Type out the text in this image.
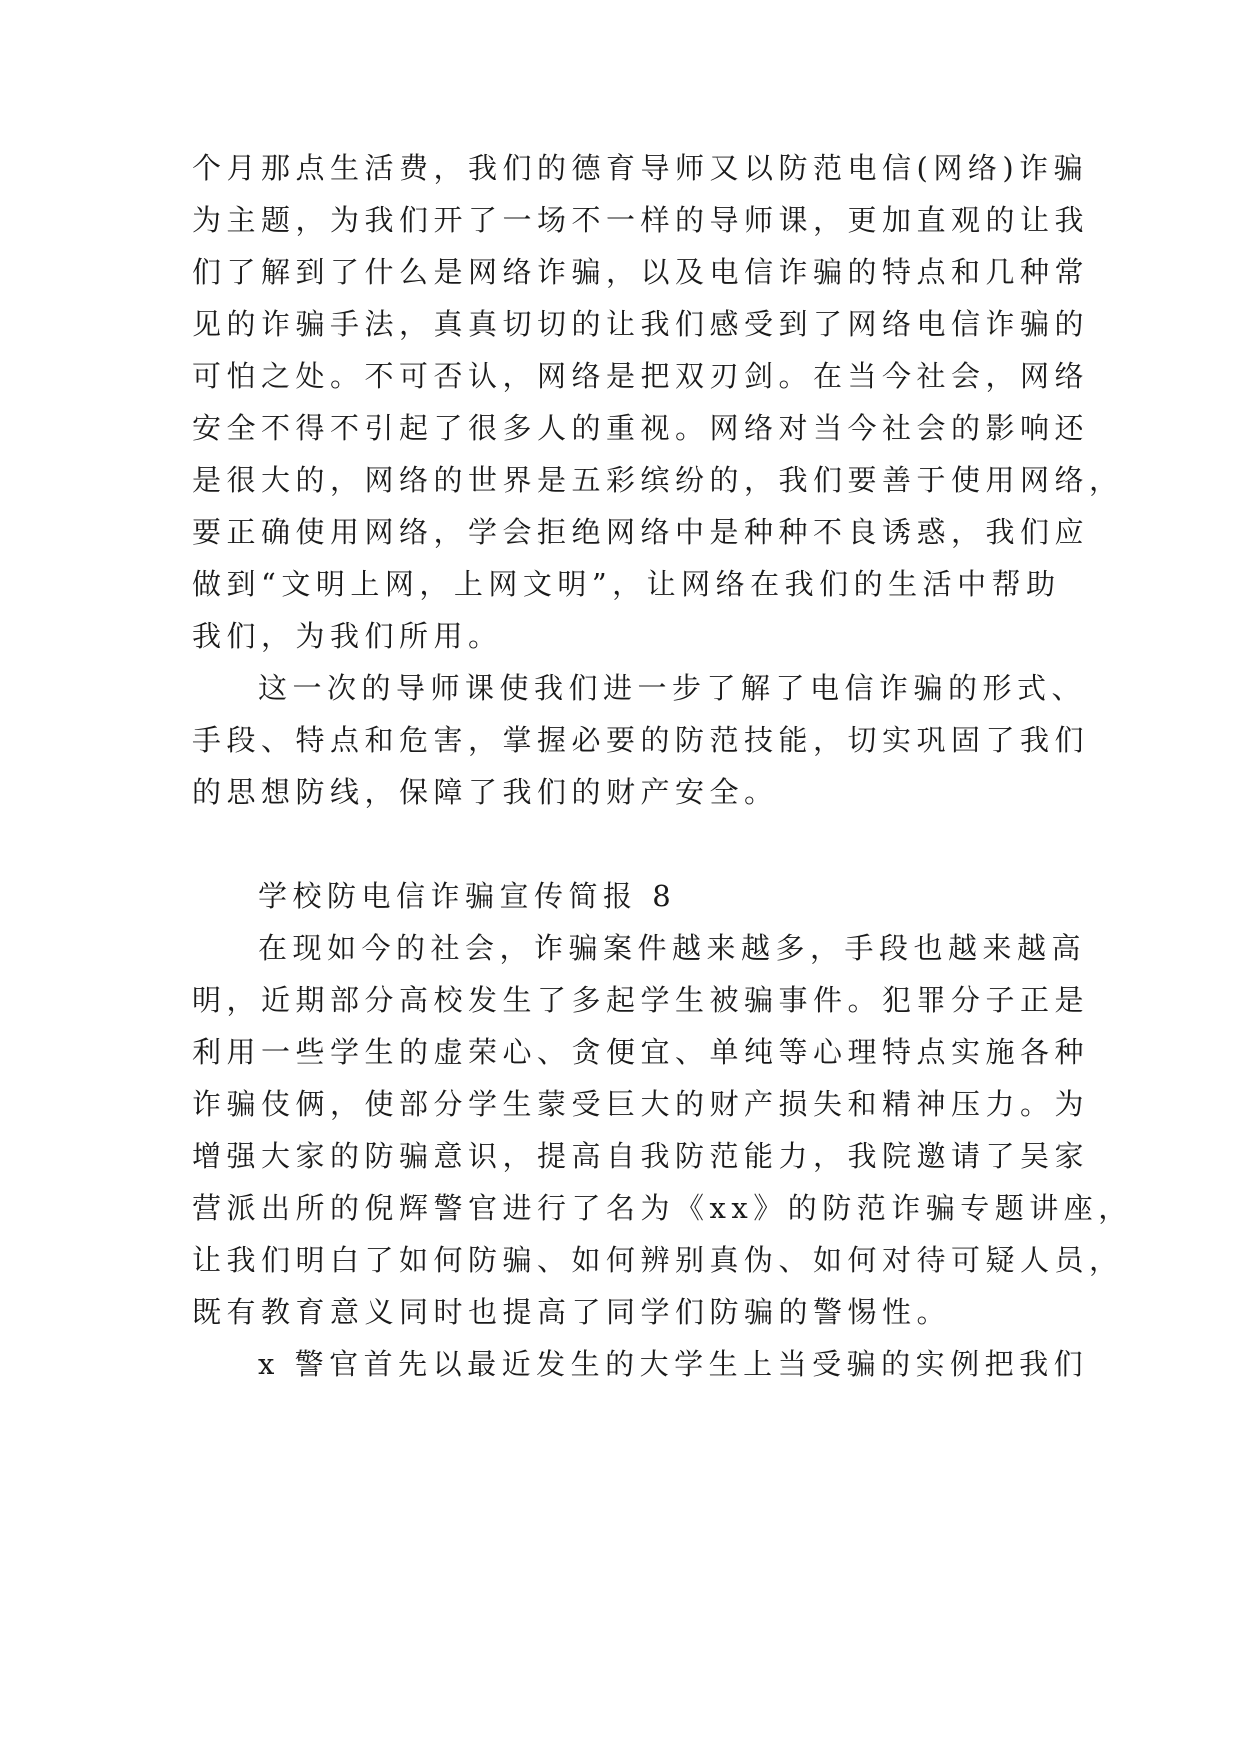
个月那点生活费，我们的德育导师又以防范电信(网络)诈骗
为主题，为我们开了一场不一样的导师课，更加直观的让我
们了解到了什么是网络诈骗，以及电信诈骗的特点和几种常
见的诈骗手法，真真切切的让我们感受到了网络电信诈骗的
可怕之处。不可否认，网络是把双刃剑。在当今社会，网络
安全不得不引起了很多人的重视。网络对当今社会的影响还
是很大的，网络的世界是五彩缤纷的，我们要善于使用网络，
要正确使用网络，学会拒绝网络中是种种不良诱惑，我们应
做到“文明上网，上网文明”，让网络在我们的生活中帮助
我们，为我们所用。
这一次的导师课使我们进一步了解了电信诈骗的形式、
手段、特点和危害，掌握必要的防范技能，切实巩固了我们
的思想防线，保障了我们的财产安全。
学校防电信诈骗宣传简报 8
在现如今的社会，诈骗案件越来越多，手段也越来越高
明，近期部分高校发生了多起学生被骗事件。犯罪分子正是
利用一些学生的虚荣心、贪便宜、单纯等心理特点实施各种
诈骗伎俩，使部分学生蒙受巨大的财产损失和精神压力。为
增强大家的防骗意识，提高自我防范能力，我院邀请了吴家
营派出所的倪辉警官进行了名为《xx》的防范诈骗专题讲座，
让我们明白了如何防骗、如何辨别真伪、如何对待可疑人员，
既有教育意义同时也提高了同学们防骗的警惕性。
x 警官首先以最近发生的大学生上当受骗的实例把我们
